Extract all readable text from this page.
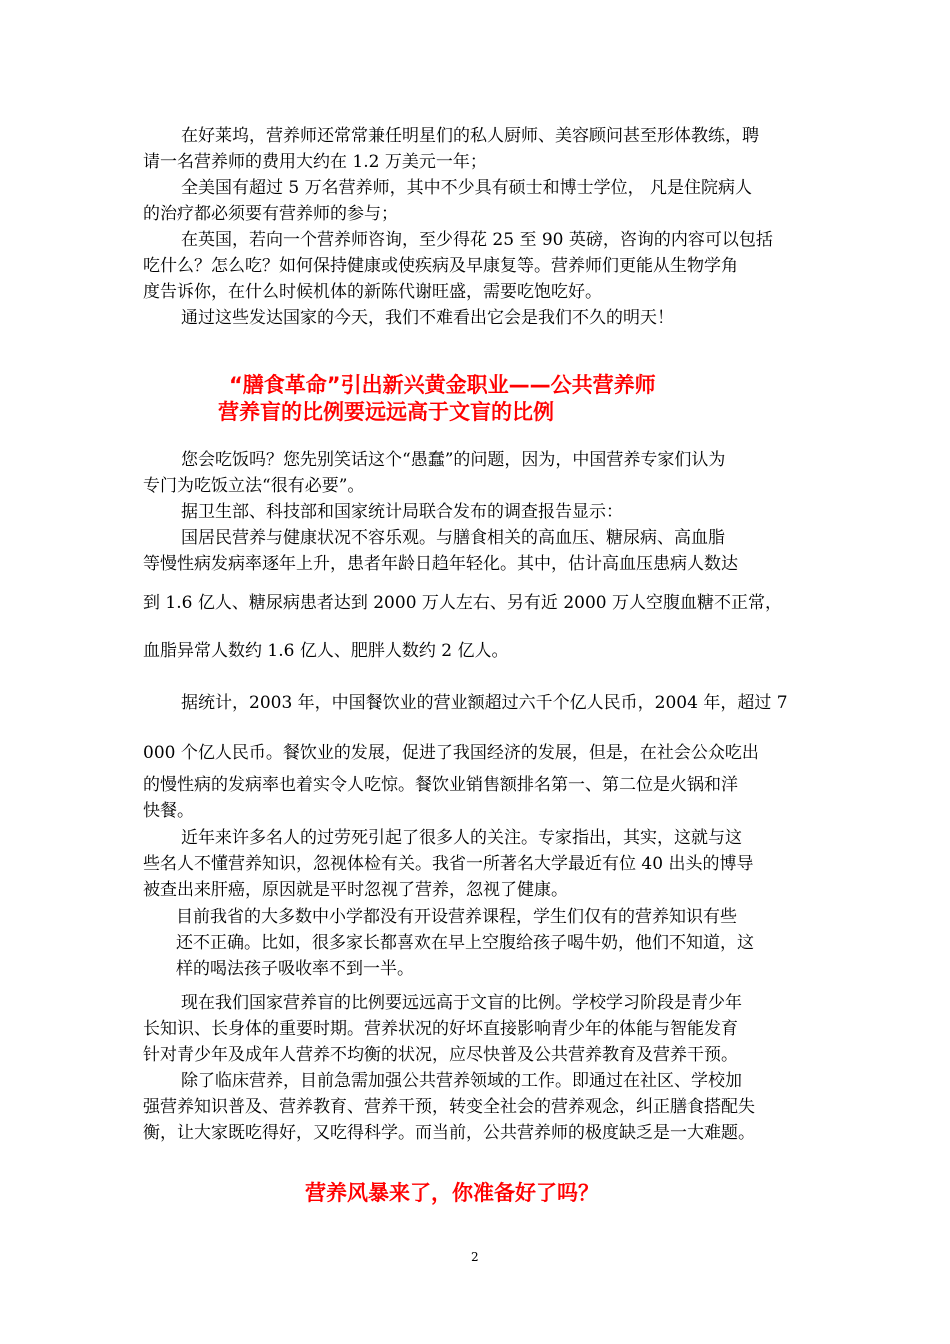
在好莱坞，营养师还常常兼任明星们的私人厨师、美容顾问甚至形体教练，聘
请一名营养师的费用大约在 1.2 万美元一年；
全美国有超过 5 万名营养师，其中不少具有硕士和博士学位， 凡是住院病人
的治疗都必须要有营养师的参与；
在英国，若向一个营养师咨询，至少得花 25 至 90 英磅，咨询的内容可以包括
吃什么？怎么吃？如何保持健康或使疾病及早康复等。营养师们更能从生物学角
度告诉你，在什么时候机体的新陈代谢旺盛，需要吃饱吃好。
通过这些发达国家的今天，我们不难看出它会是我们不久的明天！
“膳食革命”引出新兴黄金职业——公共营养师
营养盲的比例要远远高于文盲的比例
您会吃饭吗？您先别笑话这个“愚蠢”的问题，因为，中国营养专家们认为
专门为吃饭立法“很有必要”。
据卫生部、科技部和国家统计局联合发布的调查报告显示：
国居民营养与健康状况不容乐观。与膳食相关的高血压、糖尿病、高血脂
等慢性病发病率逐年上升，患者年龄日趋年轻化。其中，估计高血压患病人数达
到 1.6 亿人、糖尿病患者达到 2000 万人左右、另有近 2000 万人空腹血糖不正常，
血脂异常人数约 1.6 亿人、肥胖人数约 2 亿人。
据统计，2003 年，中国餐饮业的营业额超过六千个亿人民币，2004 年，超过 7
000 个亿人民币。餐饮业的发展，促进了我国经济的发展，但是，在社会公众吃出
的慢性病的发病率也着实令人吃惊。餐饮业销售额排名第一、第二位是火锅和洋
快餐。
近年来许多名人的过劳死引起了很多人的关注。专家指出，其实，这就与这
些名人不懂营养知识，忽视体检有关。我省一所著名大学最近有位 40 出头的博导
被查出来肝癌，原因就是平时忽视了营养，忽视了健康。
目前我省的大多数中小学都没有开设营养课程，学生们仅有的营养知识有些
还不正确。比如，很多家长都喜欢在早上空腹给孩子喝牛奶，他们不知道，这
样的喝法孩子吸收率不到一半。
现在我们国家营养盲的比例要远远高于文盲的比例。学校学习阶段是青少年
长知识、长身体的重要时期。营养状况的好坏直接影响青少年的体能与智能发育
针对青少年及成年人营养不均衡的状况，应尽快普及公共营养教育及营养干预。
除了临床营养，目前急需加强公共营养领域的工作。即通过在社区、学校加
强营养知识普及、营养教育、营养干预，转变全社会的营养观念，纠正膳食搭配失
衡，让大家既吃得好，又吃得科学。而当前，公共营养师的极度缺乏是一大难题。
营养风暴来了，你准备好了吗？
2
